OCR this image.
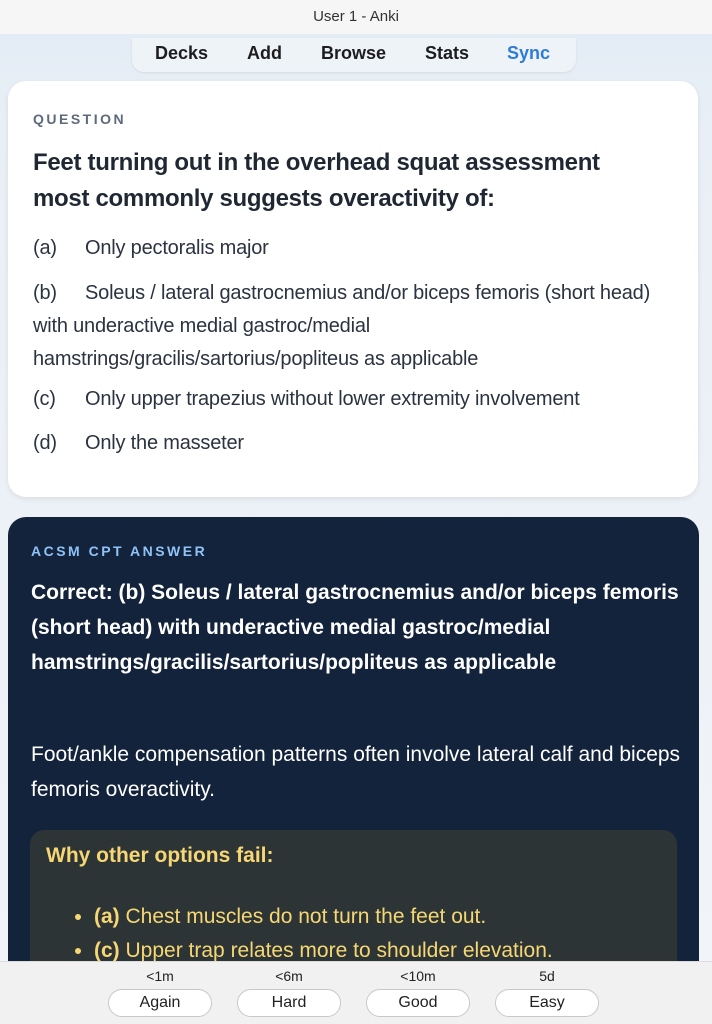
User 1 - Anki
Decks Add Browse Stats Sync
QUESTION
Feet turning out in the overhead squat assessment most commonly suggests overactivity of:
(a) Only pectoralis major
(b) Soleus / lateral gastrocnemius and/or biceps femoris (short head) with underactive medial gastroc/medial hamstrings/gracilis/sartorius/popliteus as applicable
(c) Only upper trapezius without lower extremity involvement
(d) Only the masseter
ACSM CPT ANSWER
Correct: (b) Soleus / lateral gastrocnemius and/or biceps femoris (short head) with underactive medial gastroc/medial hamstrings/gracilis/sartorius/popliteus as applicable
Foot/ankle compensation patterns often involve lateral calf and biceps femoris overactivity.
Why other options fail:
• (a) Chest muscles do not turn the feet out.
• (c) Upper trap relates more to shoulder elevation.
<1m
Again
<6m
Hard
<10m
Good
5d
Easy
